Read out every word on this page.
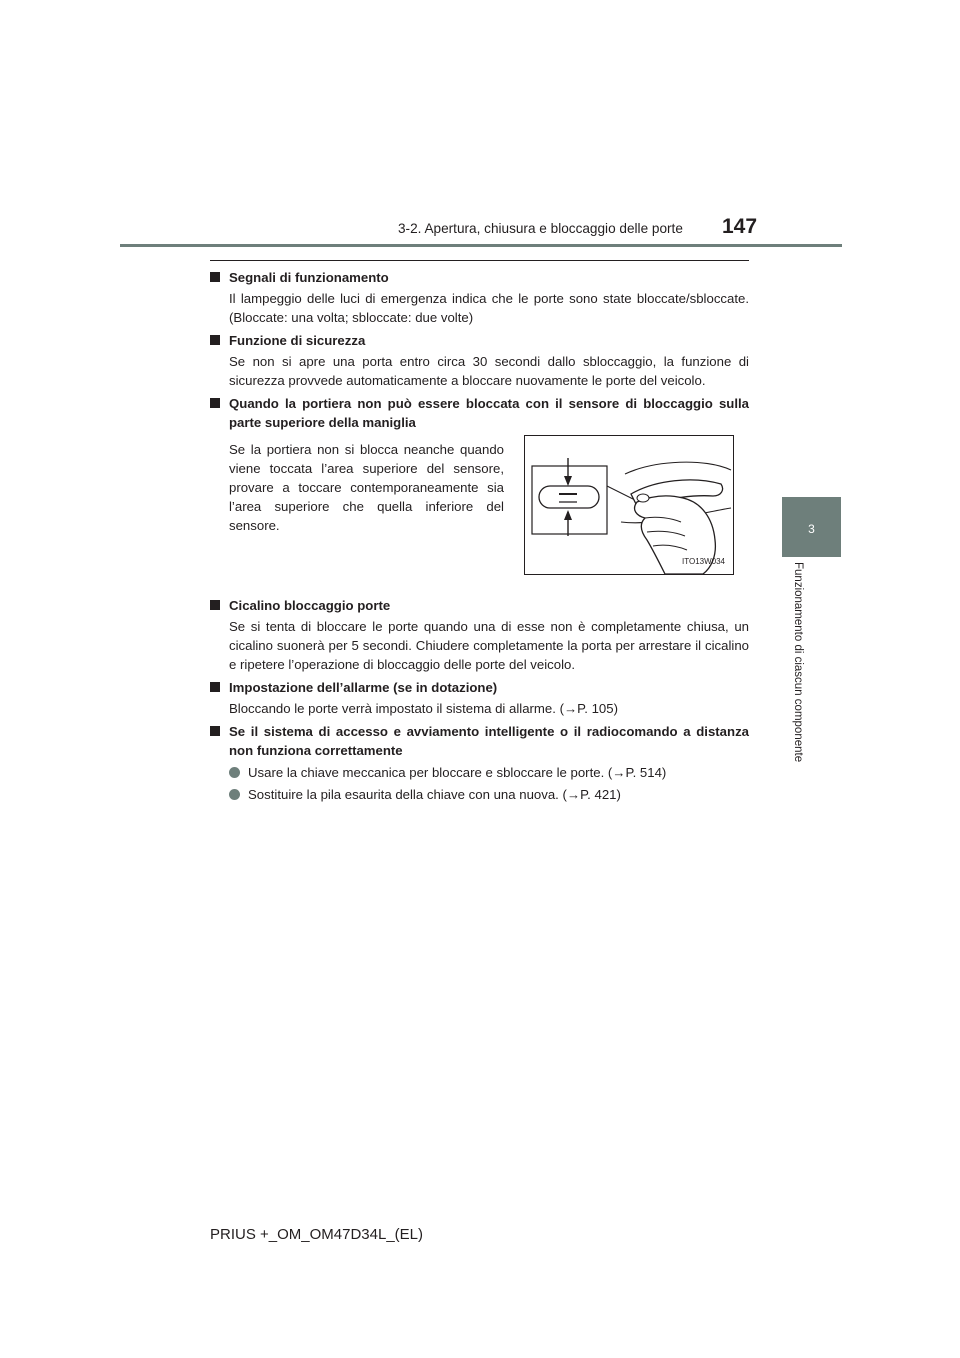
3-2. Apertura, chiusura e bloccaggio delle porte 147
3
Funzionamento di ciascun componente
Segnali di funzionamento
Il lampeggio delle luci di emergenza indica che le porte sono state bloccate/sbloccate. (Bloccate: una volta; sbloccate: due volte)
Funzione di sicurezza
Se non si apre una porta entro circa 30 secondi dallo sbloccaggio, la funzione di sicurezza provvede automaticamente a bloccare nuovamente le porte del veicolo.
Quando la portiera non può essere bloccata con il sensore di bloccaggio sulla parte superiore della maniglia
Se la portiera non si blocca neanche quando viene toccata l’area superiore del sensore, provare a toccare contemporaneamente sia l’area superiore che quella inferiore del sensore.
ITO13W034
Cicalino bloccaggio porte
Se si tenta di bloccare le porte quando una di esse non è completamente chiusa, un cicalino suonerà per 5 secondi. Chiudere completamente la porta per arrestare il cicalino e ripetere l’operazione di bloccaggio delle porte del veicolo.
Impostazione dell’allarme (se in dotazione)
Bloccando le porte verrà impostato il sistema di allarme. (→P. 105)
Se il sistema di accesso e avviamento intelligente o il radiocomando a distanza non funziona correttamente
Usare la chiave meccanica per bloccare e sbloccare le porte. (→P. 514)
Sostituire la pila esaurita della chiave con una nuova. (→P. 421)
PRIUS +_OM_OM47D34L_(EL)
